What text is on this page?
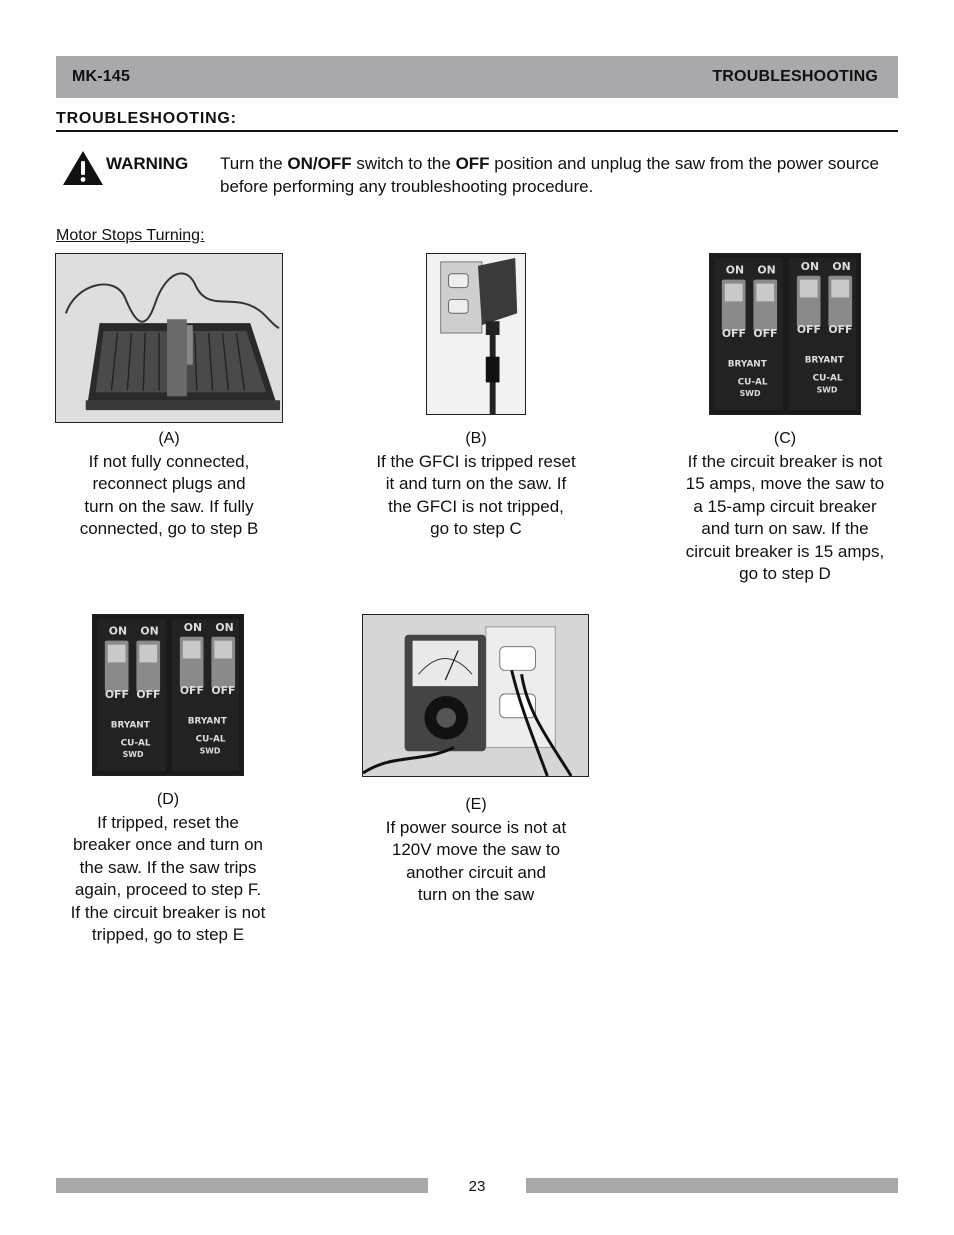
MK-145	TROUBLESHOOTING
TROUBLESHOOTING:
WARNING Turn the ON/OFF switch to the OFF position and unplug the saw from the power source before performing any troubleshooting procedure.
Motor Stops Turning:
ON ON ON ON
OFF OFF OFF OFF
BRYANT	BRYANT
CU-AL	CU-AL
SWD	SWD
(A)
If not fully connected,
reconnect plugs and
turn on the saw. If fully
connected, go to step B
(B)
If the GFCI is tripped reset
it and turn on the saw. If
the GFCI is not tripped,
go to step C
(C)
If the circuit breaker is not
15 amps, move the saw to
a 15-amp circuit breaker
and turn on saw. If the
circuit breaker is 15 amps,
go to step D
ON ON ON ON
OFF OFF OFF OFF
BRYANT	BRYANT
CU-AL	CU-AL
SWD	SWD
(D)
If tripped, reset the
breaker once and turn on
the saw. If the saw trips
again, proceed to step F.
If the circuit breaker is not
tripped, go to step E
(E)
If power source is not at
120V move the saw to
another circuit and
turn on the saw
23
